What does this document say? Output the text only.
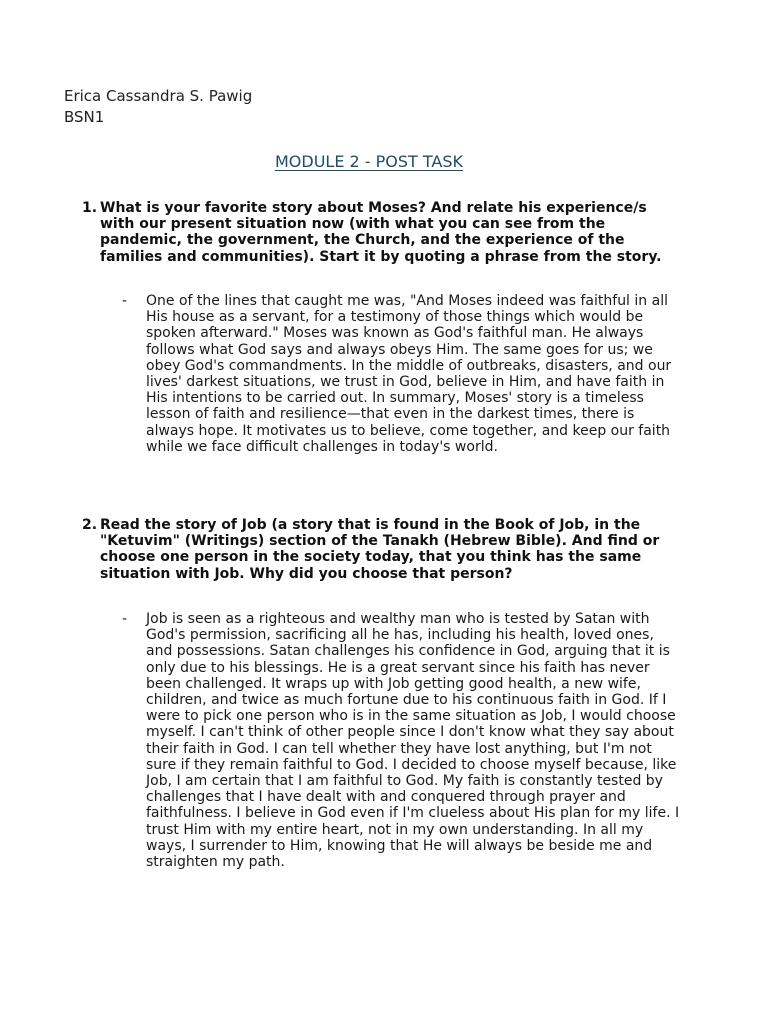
Erica Cassandra S. Pawig
BSN1
MODULE 2 - POST TASK
1. What is your favorite story about Moses? And relate his experience/s with our present situation now (with what you can see from the pandemic, the government, the Church, and the experience of the families and communities). Start it by quoting a phrase from the story.
- One of the lines that caught me was, "And Moses indeed was faithful in all His house as a servant, for a testimony of those things which would be spoken afterward." Moses was known as God's faithful man. He always follows what God says and always obeys Him. The same goes for us; we obey God's commandments. In the middle of outbreaks, disasters, and our lives' darkest situations, we trust in God, believe in Him, and have faith in His intentions to be carried out. In summary, Moses' story is a timeless lesson of faith and resilience—that even in the darkest times, there is always hope. It motivates us to believe, come together, and keep our faith while we face difficult challenges in today's world.
2. Read the story of Job (a story that is found in the Book of Job, in the "Ketuvim" (Writings) section of the Tanakh (Hebrew Bible). And find or choose one person in the society today, that you think has the same situation with Job. Why did you choose that person?
- Job is seen as a righteous and wealthy man who is tested by Satan with God's permission, sacrificing all he has, including his health, loved ones, and possessions. Satan challenges his confidence in God, arguing that it is only due to his blessings. He is a great servant since his faith has never been challenged. It wraps up with Job getting good health, a new wife, children, and twice as much fortune due to his continuous faith in God. If I were to pick one person who is in the same situation as Job, I would choose myself. I can't think of other people since I don't know what they say about their faith in God. I can tell whether they have lost anything, but I'm not sure if they remain faithful to God. I decided to choose myself because, like Job, I am certain that I am faithful to God. My faith is constantly tested by challenges that I have dealt with and conquered through prayer and faithfulness. I believe in God even if I'm clueless about His plan for my life. I trust Him with my entire heart, not in my own understanding. In all my ways, I surrender to Him, knowing that He will always be beside me and straighten my path.
